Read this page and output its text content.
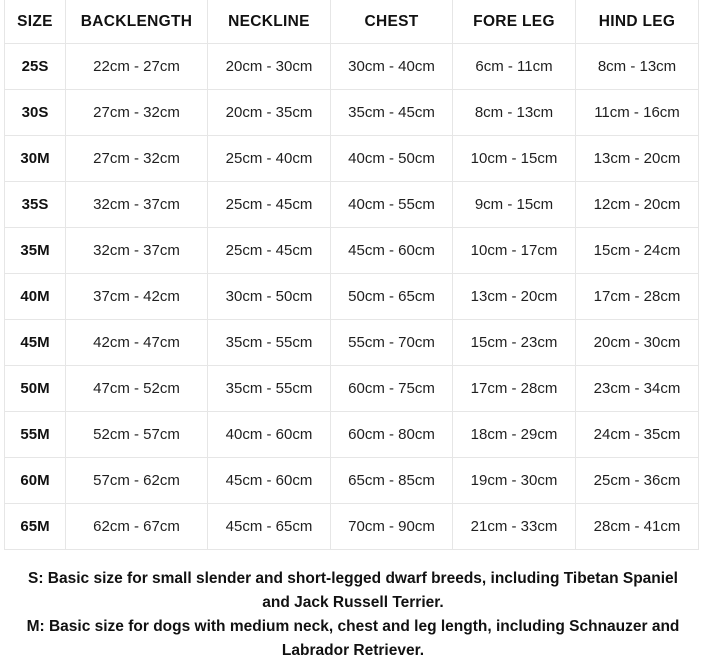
SIZE	BACKLENGTH	NECKLINE	CHEST	FORE LEG	HIND LEG
25S	22cm - 27cm	20cm - 30cm	30cm - 40cm	6cm - 11cm	8cm - 13cm
30S	27cm - 32cm	20cm - 35cm	35cm - 45cm	8cm - 13cm	11cm - 16cm
30M	27cm - 32cm	25cm - 40cm	40cm - 50cm	10cm - 15cm	13cm - 20cm
35S	32cm - 37cm	25cm - 45cm	40cm - 55cm	9cm - 15cm	12cm - 20cm
35M	32cm - 37cm	25cm - 45cm	45cm - 60cm	10cm - 17cm	15cm - 24cm
40M	37cm - 42cm	30cm - 50cm	50cm - 65cm	13cm - 20cm	17cm - 28cm
45M	42cm - 47cm	35cm - 55cm	55cm - 70cm	15cm - 23cm	20cm - 30cm
50M	47cm - 52cm	35cm - 55cm	60cm - 75cm	17cm - 28cm	23cm - 34cm
55M	52cm - 57cm	40cm - 60cm	60cm - 80cm	18cm - 29cm	24cm - 35cm
60M	57cm - 62cm	45cm - 60cm	65cm - 85cm	19cm - 30cm	25cm - 36cm
65M	62cm - 67cm	45cm - 65cm	70cm - 90cm	21cm - 33cm	28cm - 41cm

S: Basic size for small slender and short-legged dwarf breeds, including Tibetan Spaniel and Jack Russell Terrier.

M: Basic size for dogs with medium neck, chest and leg length, including Schnauzer and Labrador Retriever.
